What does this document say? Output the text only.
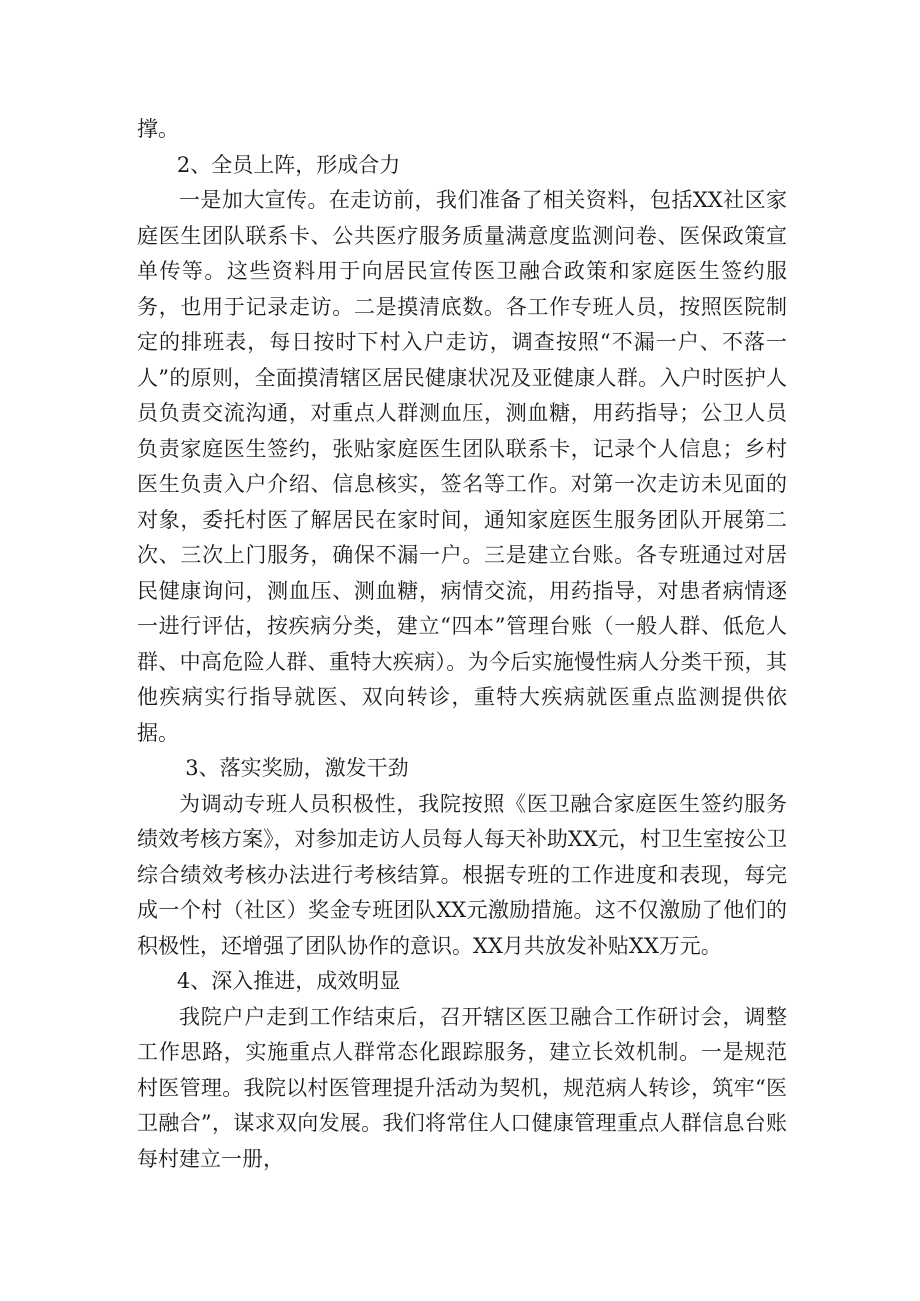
撑。

2、全员上阵，形成合力

一是加大宣传。在走访前，我们准备了相关资料，包括XX社区家庭医生团队联系卡、公共医疗服务质量满意度监测问卷、医保政策宣单传等。这些资料用于向居民宣传医卫融合政策和家庭医生签约服务，也用于记录走访。二是摸清底数。各工作专班人员，按照医院制定的排班表，每日按时下村入户走访，调查按照“不漏一户、不落一人”的原则，全面摸清辖区居民健康状况及亚健康人群。入户时医护人员负责交流沟通，对重点人群测血压，测血糖，用药指导；公卫人员负责家庭医生签约，张贴家庭医生团队联系卡，记录个人信息；乡村医生负责入户介绍、信息核实，签名等工作。对第一次走访未见面的对象，委托村医了解居民在家时间，通知家庭医生服务团队开展第二次、三次上门服务，确保不漏一户。三是建立台账。各专班通过对居民健康询问，测血压、测血糖，病情交流，用药指导，对患者病情逐一进行评估，按疾病分类，建立“四本”管理台账（一般人群、低危人群、中高危险人群、重特大疾病）。为今后实施慢性病人分类干预，其他疾病实行指导就医、双向转诊，重特大疾病就医重点监测提供依据。

3、落实奖励，激发干劲

为调动专班人员积极性，我院按照《医卫融合家庭医生签约服务绩效考核方案》，对参加走访人员每人每天补助XX元，村卫生室按公卫综合绩效考核办法进行考核结算。根据专班的工作进度和表现，每完成一个村（社区）奖金专班团队XX元激励措施。这不仅激励了他们的积极性，还增强了团队协作的意识。XX月共放发补贴XX万元。

4、深入推进，成效明显

我院户户走到工作结束后，召开辖区医卫融合工作研讨会，调整工作思路，实施重点人群常态化跟踪服务，建立长效机制。一是规范村医管理。我院以村医管理提升活动为契机，规范病人转诊，筑牢“医卫融合”，谋求双向发展。我们将常住人口健康管理重点人群信息台账每村建立一册，
